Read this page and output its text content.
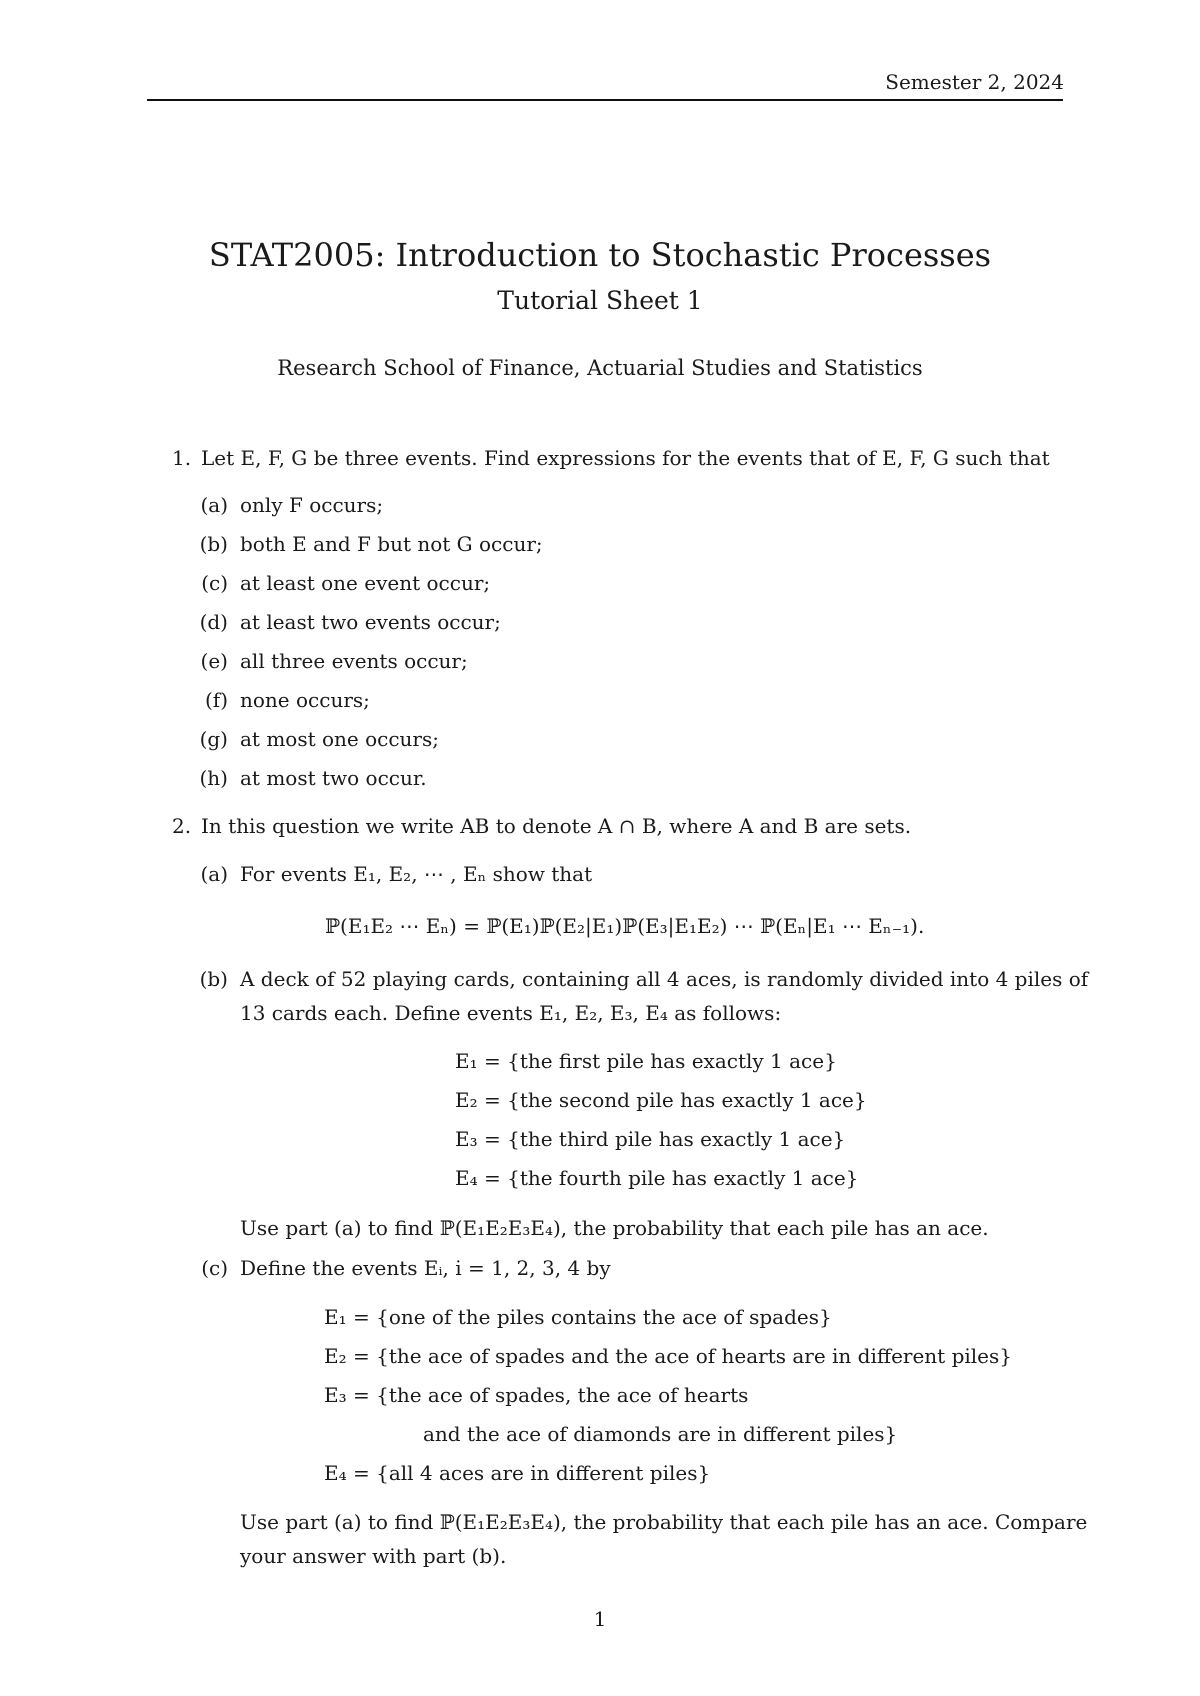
Semester 2, 2024
STAT2005: Introduction to Stochastic Processes
Tutorial Sheet 1
Research School of Finance, Actuarial Studies and Statistics
1. Let E, F, G be three events. Find expressions for the events that of E, F, G such that
(a) only F occurs;
(b) both E and F but not G occur;
(c) at least one event occur;
(d) at least two events occur;
(e) all three events occur;
(f) none occurs;
(g) at most one occurs;
(h) at most two occur.
2. In this question we write AB to denote A ∩ B, where A and B are sets.
(a) For events E₁, E₂, ⋯ , Eₙ show that
ℙ(E₁E₂ ⋯ Eₙ) = ℙ(E₁)ℙ(E₂|E₁)ℙ(E₃|E₁E₂) ⋯ ℙ(Eₙ|E₁ ⋯ Eₙ₋₁).
(b) A deck of 52 playing cards, containing all 4 aces, is randomly divided into 4 piles of
13 cards each. Define events E₁, E₂, E₃, E₄ as follows:
E₁ = {the first pile has exactly 1 ace}
E₂ = {the second pile has exactly 1 ace}
E₃ = {the third pile has exactly 1 ace}
E₄ = {the fourth pile has exactly 1 ace}
Use part (a) to find ℙ(E₁E₂E₃E₄), the probability that each pile has an ace.
(c) Define the events Eᵢ, i = 1, 2, 3, 4 by
E₁ = {one of the piles contains the ace of spades}
E₂ = {the ace of spades and the ace of hearts are in different piles}
E₃ = {the ace of spades, the ace of hearts
and the ace of diamonds are in different piles}
E₄ = {all 4 aces are in different piles}
Use part (a) to find ℙ(E₁E₂E₃E₄), the probability that each pile has an ace. Compare
your answer with part (b).
1
